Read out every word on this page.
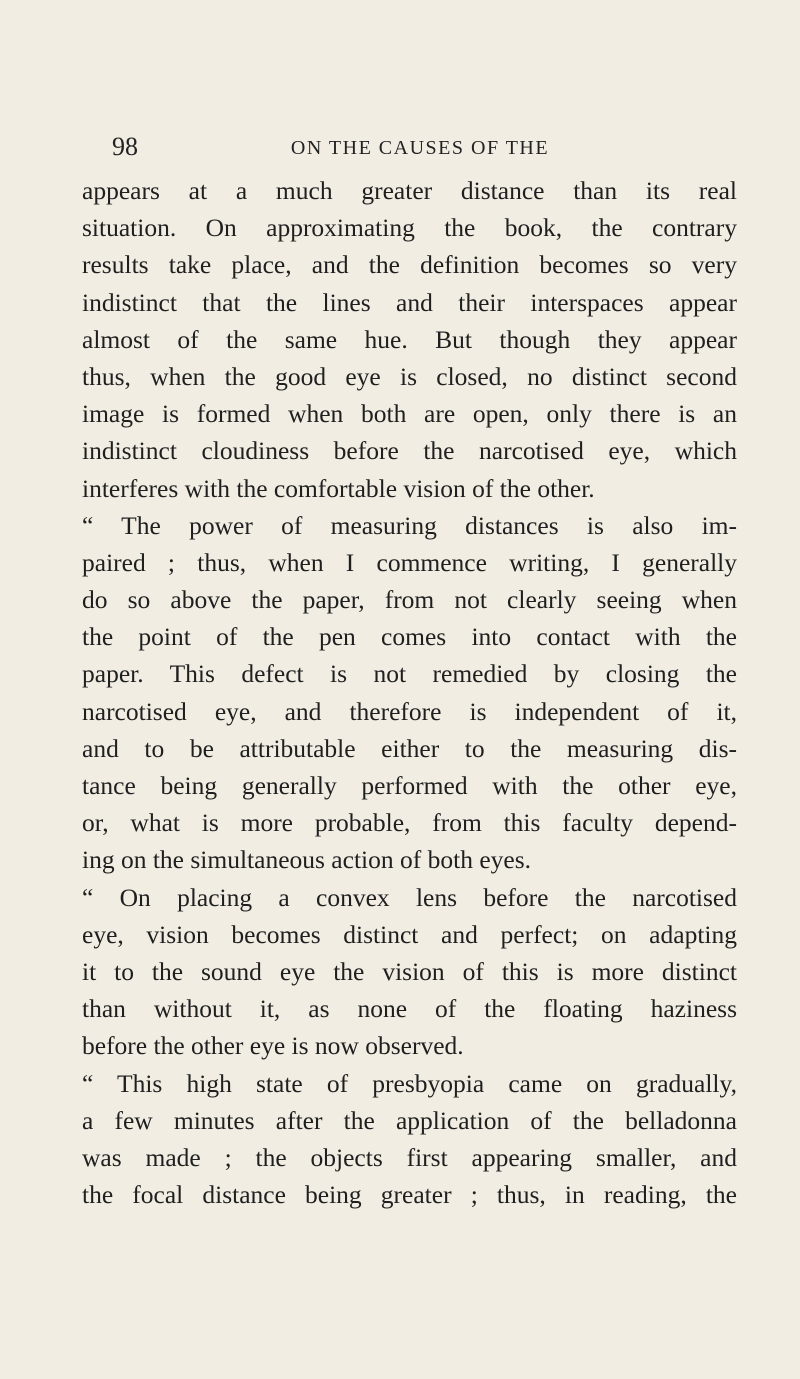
98	ON THE CAUSES OF THE
appears at a much greater distance than its real
situation. On approximating the book, the contrary
results take place, and the definition becomes so very
indistinct that the lines and their interspaces appear
almost of the same hue. But though they appear
thus, when the good eye is closed, no distinct second
image is formed when both are open, only there is an
indistinct cloudiness before the narcotised eye, which
interferes with the comfortable vision of the other.
“ The power of measuring distances is also im-
paired ; thus, when I commence writing, I generally
do so above the paper, from not clearly seeing when
the point of the pen comes into contact with the
paper. This defect is not remedied by closing the
narcotised eye, and therefore is independent of it,
and to be attributable either to the measuring dis-
tance being generally performed with the other eye,
or, what is more probable, from this faculty depend-
ing on the simultaneous action of both eyes.
“ On placing a convex lens before the narcotised
eye, vision becomes distinct and perfect; on adapting
it to the sound eye the vision of this is more distinct
than without it, as none of the floating haziness
before the other eye is now observed.
“ This high state of presbyopia came on gradually,
a few minutes after the application of the belladonna
was made ; the objects first appearing smaller, and
the focal distance being greater ; thus, in reading, the
